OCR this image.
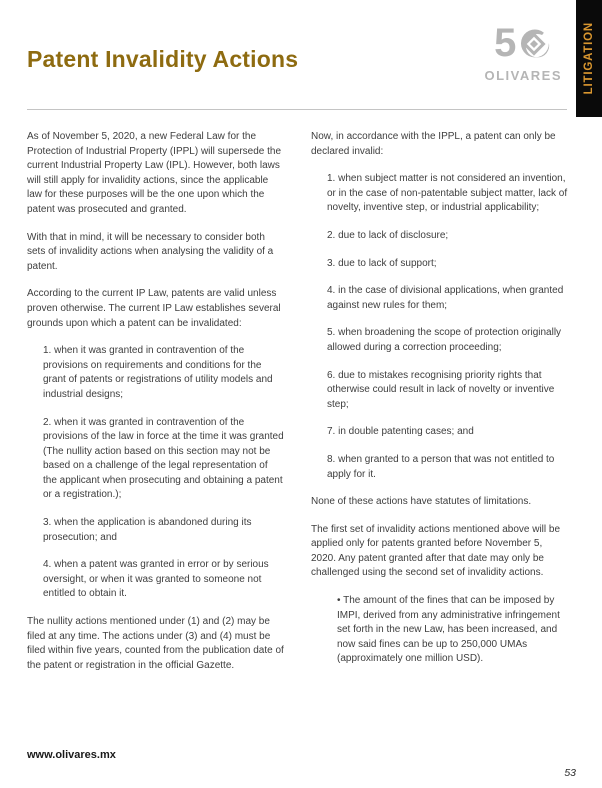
LITIGATION
Patent Invalidity Actions	5
OLIVARES
As of November 5, 2020, a new Federal Law for the Protection of Industrial Property (IPPL) will supersede the current Industrial Property Law (IPL). However, both laws will still apply for invalidity actions, since the applicable law for these purposes will be the one upon which the patent was prosecuted and granted.
With that in mind, it will be necessary to consider both sets of invalidity actions when analysing the validity of a patent.
According to the current IP Law, patents are valid unless proven otherwise. The current IP Law establishes several grounds upon which a patent can be invalidated:
1. when it was granted in contravention of the provisions on requirements and conditions for the grant of patents or registrations of utility models and industrial designs;
2. when it was granted in contravention of the provisions of the law in force at the time it was granted (The nullity action based on this section may not be based on a challenge of the legal representation of the applicant when prosecuting and obtaining a patent or a registration.);
3. when the application is abandoned during its prosecution; and
4. when a patent was granted in error or by serious oversight, or when it was granted to someone not entitled to obtain it.
The nullity actions mentioned under (1) and (2) may be filed at any time. The actions under (3) and (4) must be filed within five years, counted from the publication date of the patent or registration in the official Gazette.
Now, in accordance with the IPPL, a patent can only be declared invalid:
1. when subject matter is not considered an invention, or in the case of non-patentable subject matter, lack of novelty, inventive step, or industrial applicability;
2. due to lack of disclosure;
3. due to lack of support;
4. in the case of divisional applications, when granted against new rules for them;
5. when broadening the scope of protection originally allowed during a correction proceeding;
6. due to mistakes recognising priority rights that otherwise could result in lack of novelty or inventive step;
7. in double patenting cases; and
8. when granted to a person that was not entitled to apply for it.
None of these actions have statutes of limitations.
The first set of invalidity actions mentioned above will be applied only for patents granted before November 5, 2020. Any patent granted after that date may only be challenged using the second set of invalidity actions.
• The amount of the fines that can be imposed by IMPI, derived from any administrative infringement set forth in the new Law, has been increased, and now said fines can be up to 250,000 UMAs (approximately one million USD).
www.olivares.mx
53
